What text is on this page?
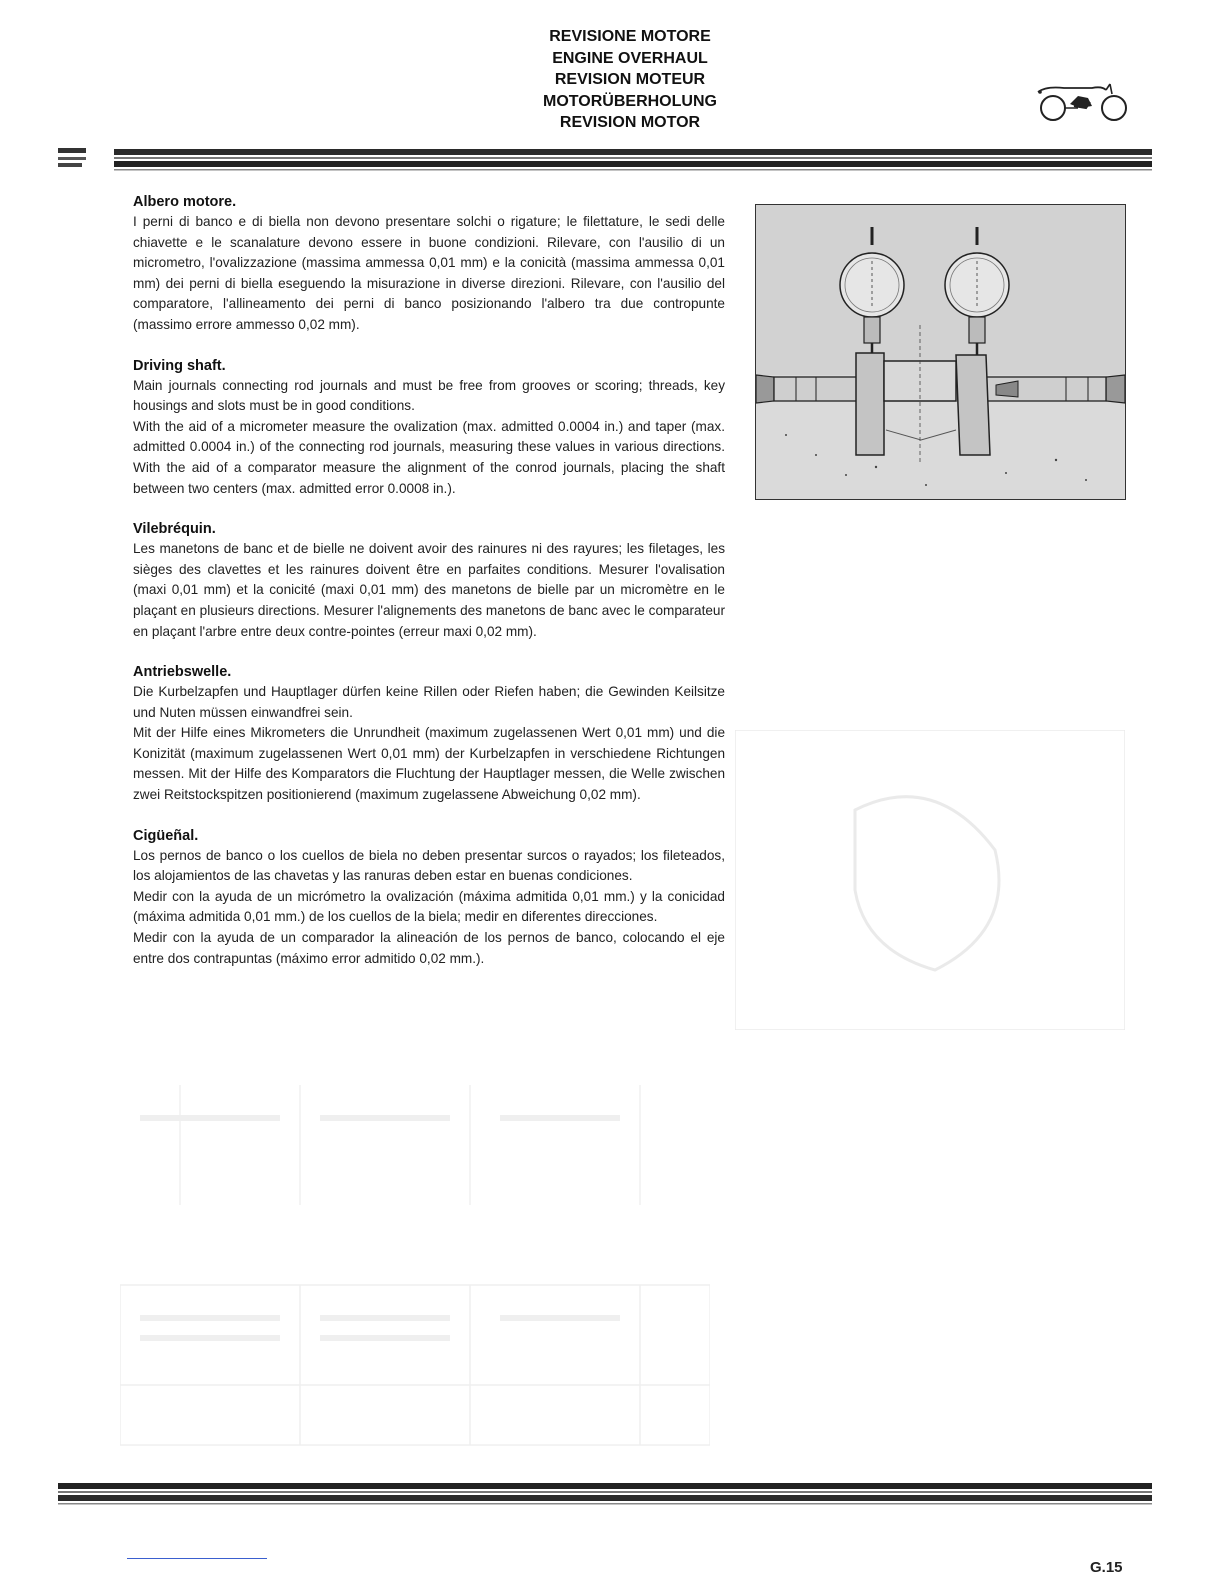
REVISIONE MOTORE
ENGINE OVERHAUL
REVISION MOTEUR
MOTORÜBERHOLUNG
REVISION MOTOR
Albero motore.

I perni di banco e di biella non devono presentare solchi o rigature; le filettature, le sedi delle chiavette e le scanalature devono essere in buone condizioni. Rilevare, con l'ausilio di un micrometro, l'ovalizzazione (massima ammessa 0,01 mm) e la conicità (massima ammessa 0,01 mm) dei perni di biella eseguendo la misurazione in diverse direzioni. Rilevare, con l'ausilio del comparatore, l'allineamento dei perni di banco posizionando l'albero tra due contropunte (massimo errore ammesso 0,02 mm).

Driving shaft.

Main journals connecting rod journals and must be free from grooves or scoring; threads, key housings and slots must be in good conditions.

With the aid of a micrometer measure the ovalization (max. admitted 0.0004 in.) and taper (max. admitted 0.0004 in.) of the connecting rod journals, measuring these values in various directions. With the aid of a comparator measure the alignment of the conrod journals, placing the shaft between two centers (max. admitted error 0.0008 in.).

Vilebréquin.

Les manetons de banc et de bielle ne doivent avoir des rainures ni des rayures; les filetages, les sièges des clavettes et les rainures doivent être en parfaites conditions. Mesurer l'ovalisation (maxi 0,01 mm) et la conicité (maxi 0,01 mm) des manetons de bielle par un micromètre en le plaçant en plusieurs directions. Mesurer l'alignements des manetons de banc avec le comparateur en plaçant l'arbre entre deux contre-pointes (erreur maxi 0,02 mm).

Antriebswelle.

Die Kurbelzapfen und Hauptlager dürfen keine Rillen oder Riefen haben; die Gewinden Keilsitze und Nuten müssen einwandfrei sein.

Mit der Hilfe eines Mikrometers die Unrundheit (maximum zugelassenen Wert 0,01 mm) und die Konizität (maximum zugelassenen Wert 0,01 mm) der Kurbelzapfen in verschiedene Richtungen messen. Mit der Hilfe des Komparators die Fluchtung der Hauptlager messen, die Welle zwischen zwei Reitstockspitzen positionierend (maximum zugelassene Abweichung 0,02 mm).

Cigüeñal.

Los pernos de banco o los cuellos de biela no deben presentar surcos o rayados; los fileteados, los alojamientos de las chavetas y las ranuras deben estar en buenas condiciones.

Medir con la ayuda de un micrómetro la ovalización (máxima admitida 0,01 mm.) y la conicidad (máxima admitida 0,01 mm.) de los cuellos de la biela; medir en diferentes direcciones.

Medir con la ayuda de un comparador la alineación de los pernos de banco, colocando el eje entre dos contrapuntas (máximo error admitido 0,02 mm.).

G.15
